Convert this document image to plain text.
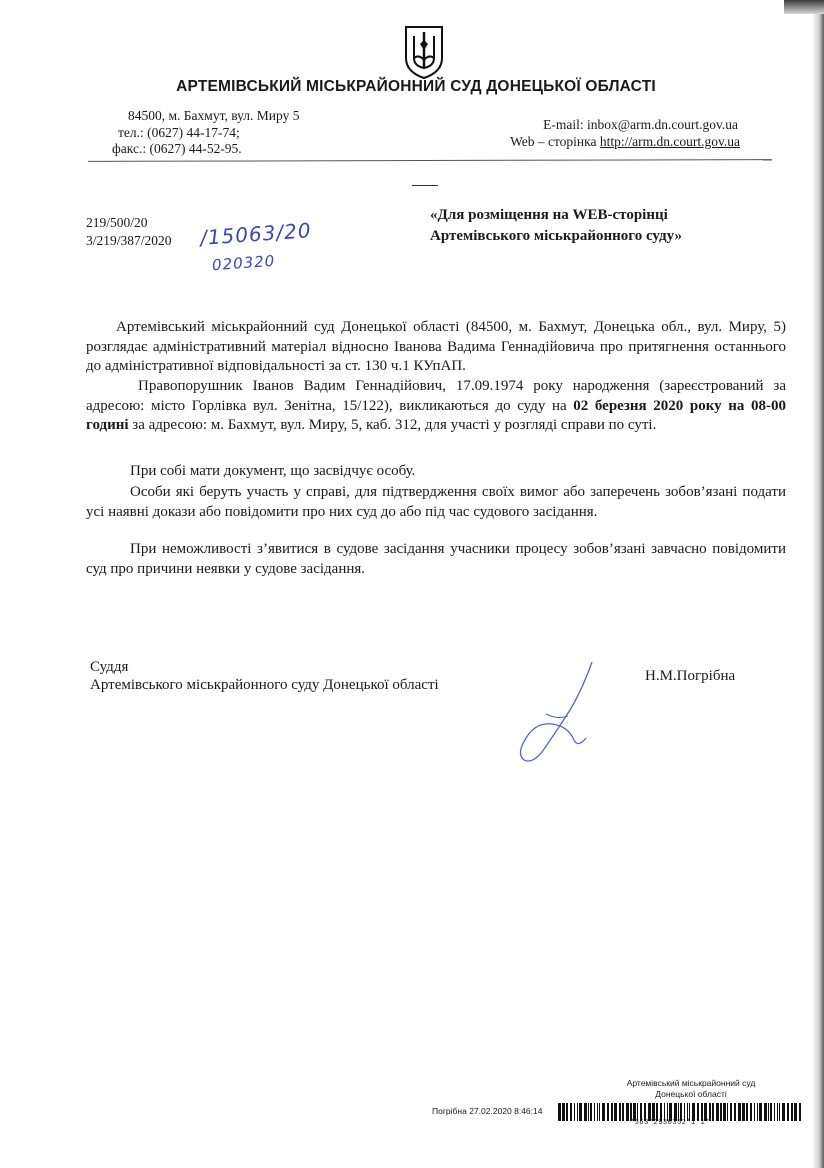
АРТЕМІВСЬКИЙ МІСЬКРАЙОННИЙ СУД ДОНЕЦЬКОЇ ОБЛАСТІ
84500, м. Бахмут, вул. Миру 5
тел.: (0627) 44-17-74;
факс.: (0627) 44-52-95.
E-mail: inbox@arm.dn.court.gov.ua
Web – сторінка http://arm.dn.court.gov.ua
219/500/20
3/219/387/2020 /15063/20
020320
«Для розміщення на WEB-сторінці
Артемівського міськрайонного суду»
Артемівський міськрайонний суд Донецької області (84500, м. Бахмут, Донецька обл., вул. Миру, 5) розглядає адміністративний матеріал відносно Іванова Вадима Геннадійовича про притягнення останнього до адміністративної відповідальності за ст. 130 ч.1 КУпАП.
Правопорушник Іванов Вадим Геннадійович, 17.09.1974 року народження (зареєстрований за адресою: місто Горлівка вул. Зенітна, 15/122), викликаються до суду на 02 березня 2020 року на 08-00 годині за адресою: м. Бахмут, вул. Миру, 5, каб. 312, для участі у розгляді справи по суті.
При собі мати документ, що засвідчує особу.
Особи які беруть участь у справі, для підтвердження своїх вимог або заперечень зобов’язані подати усі наявні докази або повідомити про них суд до або під час судового засідання.
При неможливості з’явитися в судове засідання учасники процесу зобов’язані завчасно повідомити суд про причини неявки у судове засідання.
Суддя
Артемівського міськрайонного суду Донецької області
Н.М.Погрібна
Артемівський міськрайонний суд
Донецької області
Погрібна 27.02.2020 8:46:14
*563*2930352*1*1*
